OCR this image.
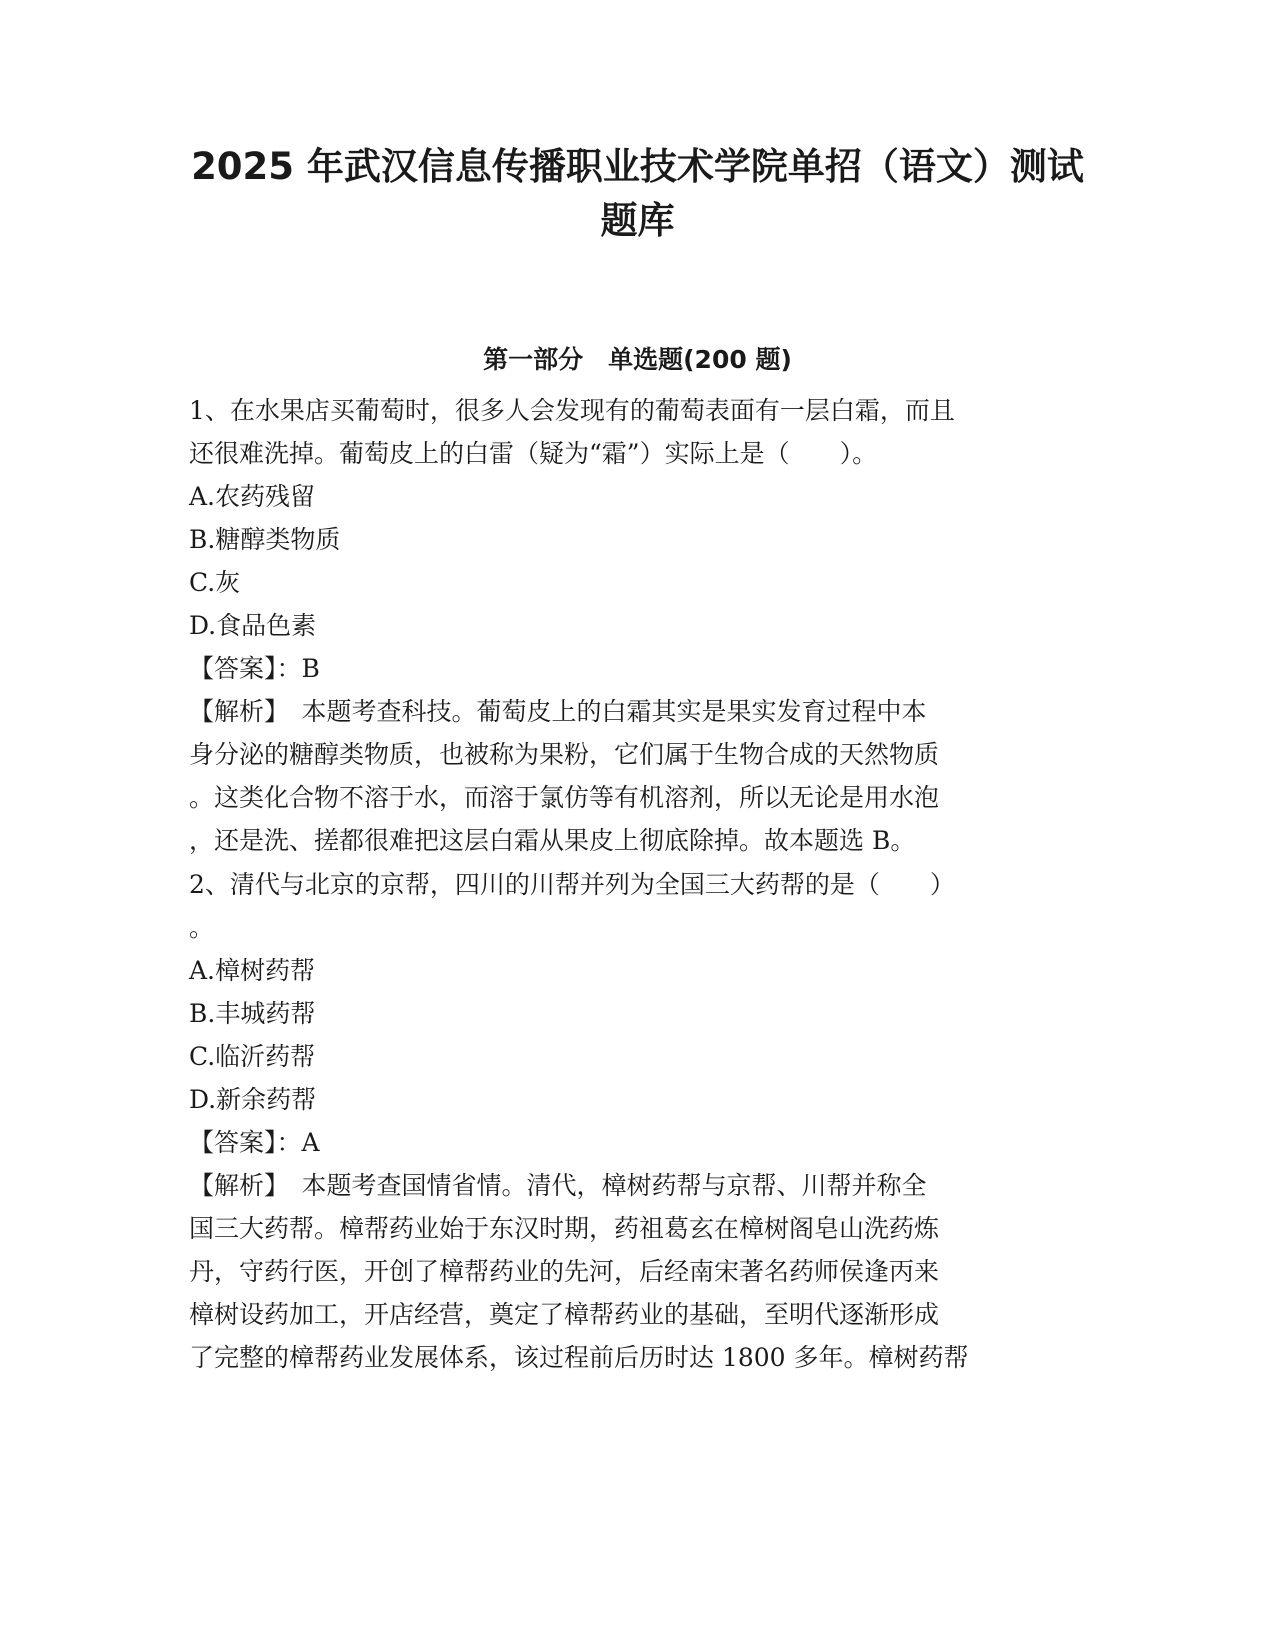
2025 年武汉信息传播职业技术学院单招（语文）测试
题库
第一部分　单选题(200 题)
1、在水果店买葡萄时，很多人会发现有的葡萄表面有一层白霜，而且
还很难洗掉。葡萄皮上的白雷（疑为“霜”）实际上是（　　）。
A.农药残留
B.糖醇类物质
C.灰
D.食品色素
【答案】：B
【解析】　本题考查科技。葡萄皮上的白霜其实是果实发育过程中本
身分泌的糖醇类物质，也被称为果粉，它们属于生物合成的天然物质
。这类化合物不溶于水，而溶于氯仿等有机溶剂，所以无论是用水泡
，还是洗、搓都很难把这层白霜从果皮上彻底除掉。故本题选 B。
2、清代与北京的京帮，四川的川帮并列为全国三大药帮的是（　　）
。
A.樟树药帮
B.丰城药帮
C.临沂药帮
D.新余药帮
【答案】：A
【解析】　本题考查国情省情。清代，樟树药帮与京帮、川帮并称全
国三大药帮。樟帮药业始于东汉时期，药祖葛玄在樟树阁皂山洗药炼
丹，守药行医，开创了樟帮药业的先河，后经南宋著名药师侯逢丙来
樟树设药加工，开店经营，奠定了樟帮药业的基础，至明代逐渐形成
了完整的樟帮药业发展体系，该过程前后历时达 1800 多年。樟树药帮
